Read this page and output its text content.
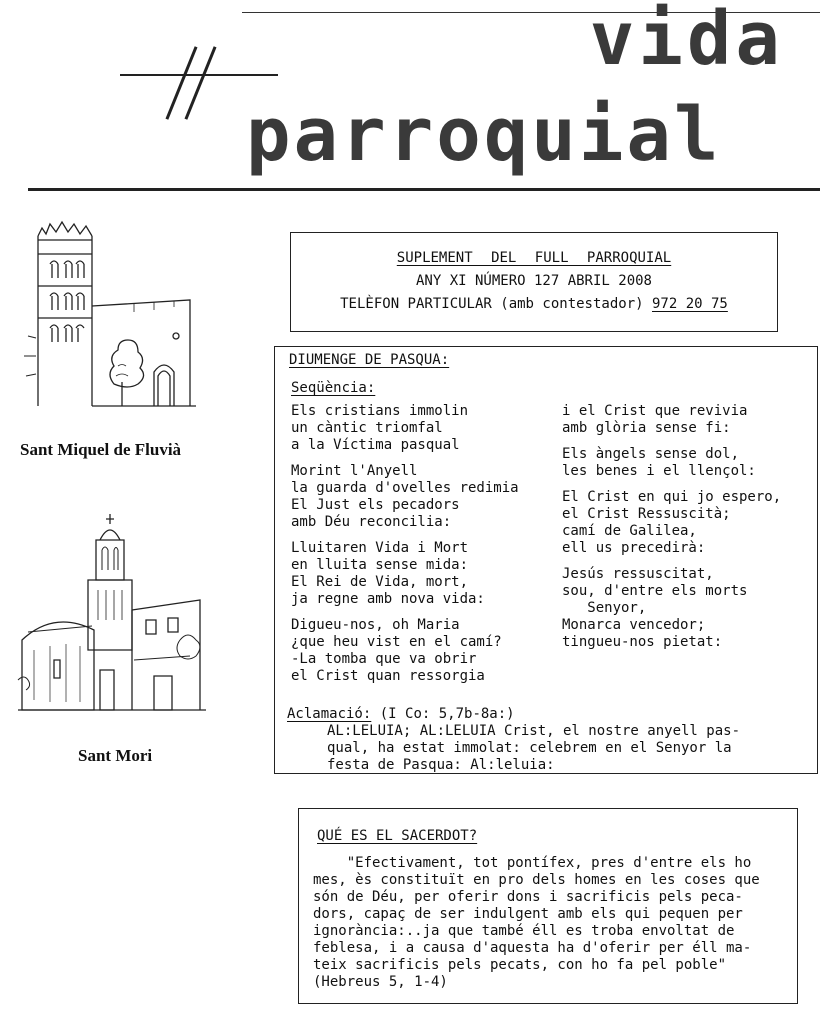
vida
parroquial
Sant Miquel de Fluvià
Sant Mori
SUPLEMENT DEL FULL PARROQUIAL
ANY XI NÚMERO 127 ABRIL 2008
TELÈFON PARTICULAR (amb contestador) 972 20 75
DIUMENGE DE PASQUA:
Seqüència:
Els cristians immolin
un càntic triomfal
a la Víctima pasqual
Morint l'Anyell
la guarda d'ovelles redimia
El Just els pecadors
amb Déu reconcilia:
Lluitaren Vida i Mort
en lluita sense mida:
El Rei de Vida, mort,
ja regne amb nova vida:
Digueu-nos, oh Maria
¿que heu vist en el camí?
-La tomba que va obrir
el Crist quan ressorgia
i el Crist que revivia
amb glòria sense fi:
Els àngels sense dol,
les benes i el llençol:
El Crist en qui jo espero,
el Crist Ressuscità;
camí de Galilea,
ell us precedirà:
Jesús ressuscitat,
sou, d'entre els morts
Senyor,
Monarca vencedor;
tingueu-nos pietat:
Aclamació: (I Co: 5,7b-8a:)
AL:LELUIA; AL:LELUIA Crist, el nostre anyell pas-
qual, ha estat immolat: celebrem en el Senyor la
festa de Pasqua: Al:leluia:
QUÉ ES EL SACERDOT?
"Efectivament, tot pontífex, pres d'entre els ho
mes, ès constituït en pro dels homes en les coses que
són de Déu, per oferir dons i sacrificis pels peca-
dors, capaç de ser indulgent amb els qui pequen per
ignorància:..ja que també éll es troba envoltat de
feblesa, i a causa d'aquesta ha d'oferir per éll ma-
teix sacrificis pels pecats, con ho fa pel poble"
(Hebreus 5, 1-4)
